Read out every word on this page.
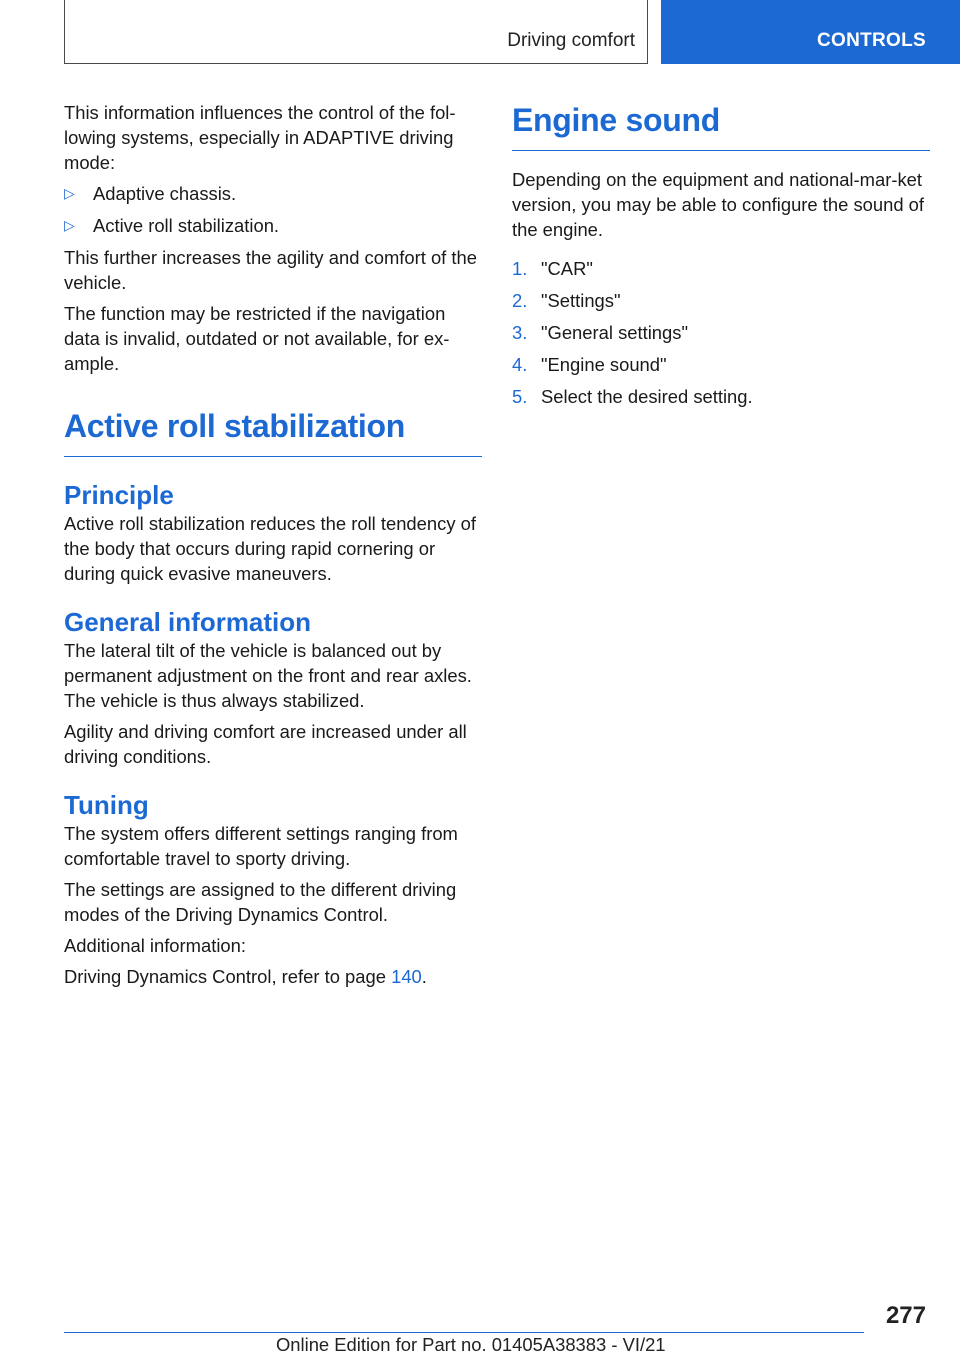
Driving comfort	CONTROLS

This information influences the control of the fol-lowing systems, especially in ADAPTIVE driving mode:

▷ Adaptive chassis.
▷ Active roll stabilization.

This further increases the agility and comfort of the vehicle.

The function may be restricted if the navigation data is invalid, outdated or not available, for ex-ample.

Active roll stabilization
Principle

Active roll stabilization reduces the roll tendency of the body that occurs during rapid cornering or during quick evasive maneuvers.

General information

The lateral tilt of the vehicle is balanced out by permanent adjustment on the front and rear axles. The vehicle is thus always stabilized.

Agility and driving comfort are increased under all driving conditions.

Tuning

The system offers different settings ranging from comfortable travel to sporty driving.

The settings are assigned to the different driving modes of the Driving Dynamics Control.

Additional information:

Driving Dynamics Control, refer to page 140.

Engine sound

Depending on the equipment and national-mar-ket version, you may be able to configure the sound of the engine.

1. "CAR"
2. "Settings"
3. "General settings"
4. "Engine sound"
5. Select the desired setting.
277
Online Edition for Part no. 01405A38383 - VI/21
